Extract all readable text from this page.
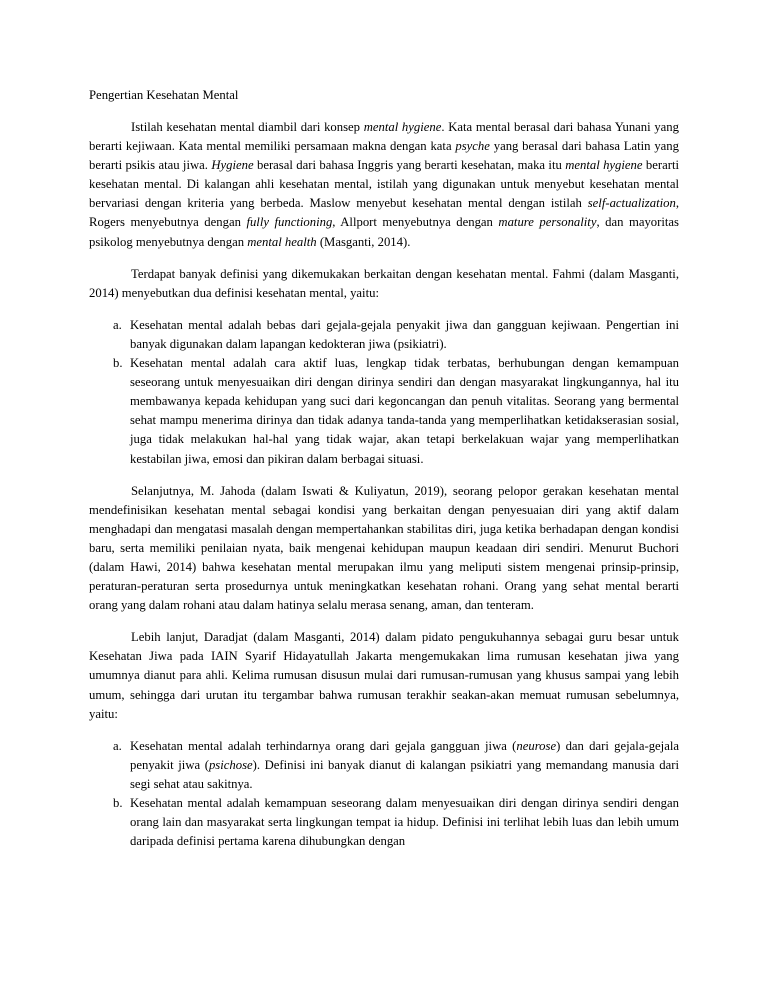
Pengertian Kesehatan Mental

Istilah kesehatan mental diambil dari konsep mental hygiene. Kata mental berasal dari bahasa Yunani yang berarti kejiwaan. Kata mental memiliki persamaan makna dengan kata psyche yang berasal dari bahasa Latin yang berarti psikis atau jiwa. Hygiene berasal dari bahasa Inggris yang berarti kesehatan, maka itu mental hygiene berarti kesehatan mental. Di kalangan ahli kesehatan mental, istilah yang digunakan untuk menyebut kesehatan mental bervariasi dengan kriteria yang berbeda. Maslow menyebut kesehatan mental dengan istilah self-actualization, Rogers menyebutnya dengan fully functioning, Allport menyebutnya dengan mature personality, dan mayoritas psikolog menyebutnya dengan mental health (Masganti, 2014).

Terdapat banyak definisi yang dikemukakan berkaitan dengan kesehatan mental. Fahmi (dalam Masganti, 2014) menyebutkan dua definisi kesehatan mental, yaitu:

a. Kesehatan mental adalah bebas dari gejala-gejala penyakit jiwa dan gangguan kejiwaan. Pengertian ini banyak digunakan dalam lapangan kedokteran jiwa (psikiatri).
b. Kesehatan mental adalah cara aktif luas, lengkap tidak terbatas, berhubungan dengan kemampuan seseorang untuk menyesuaikan diri dengan dirinya sendiri dan dengan masyarakat lingkungannya, hal itu membawanya kepada kehidupan yang suci dari kegoncangan dan penuh vitalitas. Seorang yang bermental sehat mampu menerima dirinya dan tidak adanya tanda-tanda yang memperlihatkan ketidakserasian sosial, juga tidak melakukan hal-hal yang tidak wajar, akan tetapi berkelakuan wajar yang memperlihatkan kestabilan jiwa, emosi dan pikiran dalam berbagai situasi.

Selanjutnya, M. Jahoda (dalam Iswati & Kuliyatun, 2019), seorang pelopor gerakan kesehatan mental mendefinisikan kesehatan mental sebagai kondisi yang berkaitan dengan penyesuaian diri yang aktif dalam menghadapi dan mengatasi masalah dengan mempertahankan stabilitas diri, juga ketika berhadapan dengan kondisi baru, serta memiliki penilaian nyata, baik mengenai kehidupan maupun keadaan diri sendiri. Menurut Buchori (dalam Hawi, 2014) bahwa kesehatan mental merupakan ilmu yang meliputi sistem mengenai prinsip-prinsip, peraturan-peraturan serta prosedurnya untuk meningkatkan kesehatan rohani. Orang yang sehat mental berarti orang yang dalam rohani atau dalam hatinya selalu merasa senang, aman, dan tenteram.

Lebih lanjut, Daradjat (dalam Masganti, 2014) dalam pidato pengukuhannya sebagai guru besar untuk Kesehatan Jiwa pada IAIN Syarif Hidayatullah Jakarta mengemukakan lima rumusan kesehatan jiwa yang umumnya dianut para ahli. Kelima rumusan disusun mulai dari rumusan-rumusan yang khusus sampai yang lebih umum, sehingga dari urutan itu tergambar bahwa rumusan terakhir seakan-akan memuat rumusan sebelumnya, yaitu:

a. Kesehatan mental adalah terhindarnya orang dari gejala gangguan jiwa (neurose) dan dari gejala-gejala penyakit jiwa (psichose). Definisi ini banyak dianut di kalangan psikiatri yang memandang manusia dari segi sehat atau sakitnya.
b. Kesehatan mental adalah kemampuan seseorang dalam menyesuaikan diri dengan dirinya sendiri dengan orang lain dan masyarakat serta lingkungan tempat ia hidup. Definisi ini terlihat lebih luas dan lebih umum daripada definisi pertama karena dihubungkan dengan
